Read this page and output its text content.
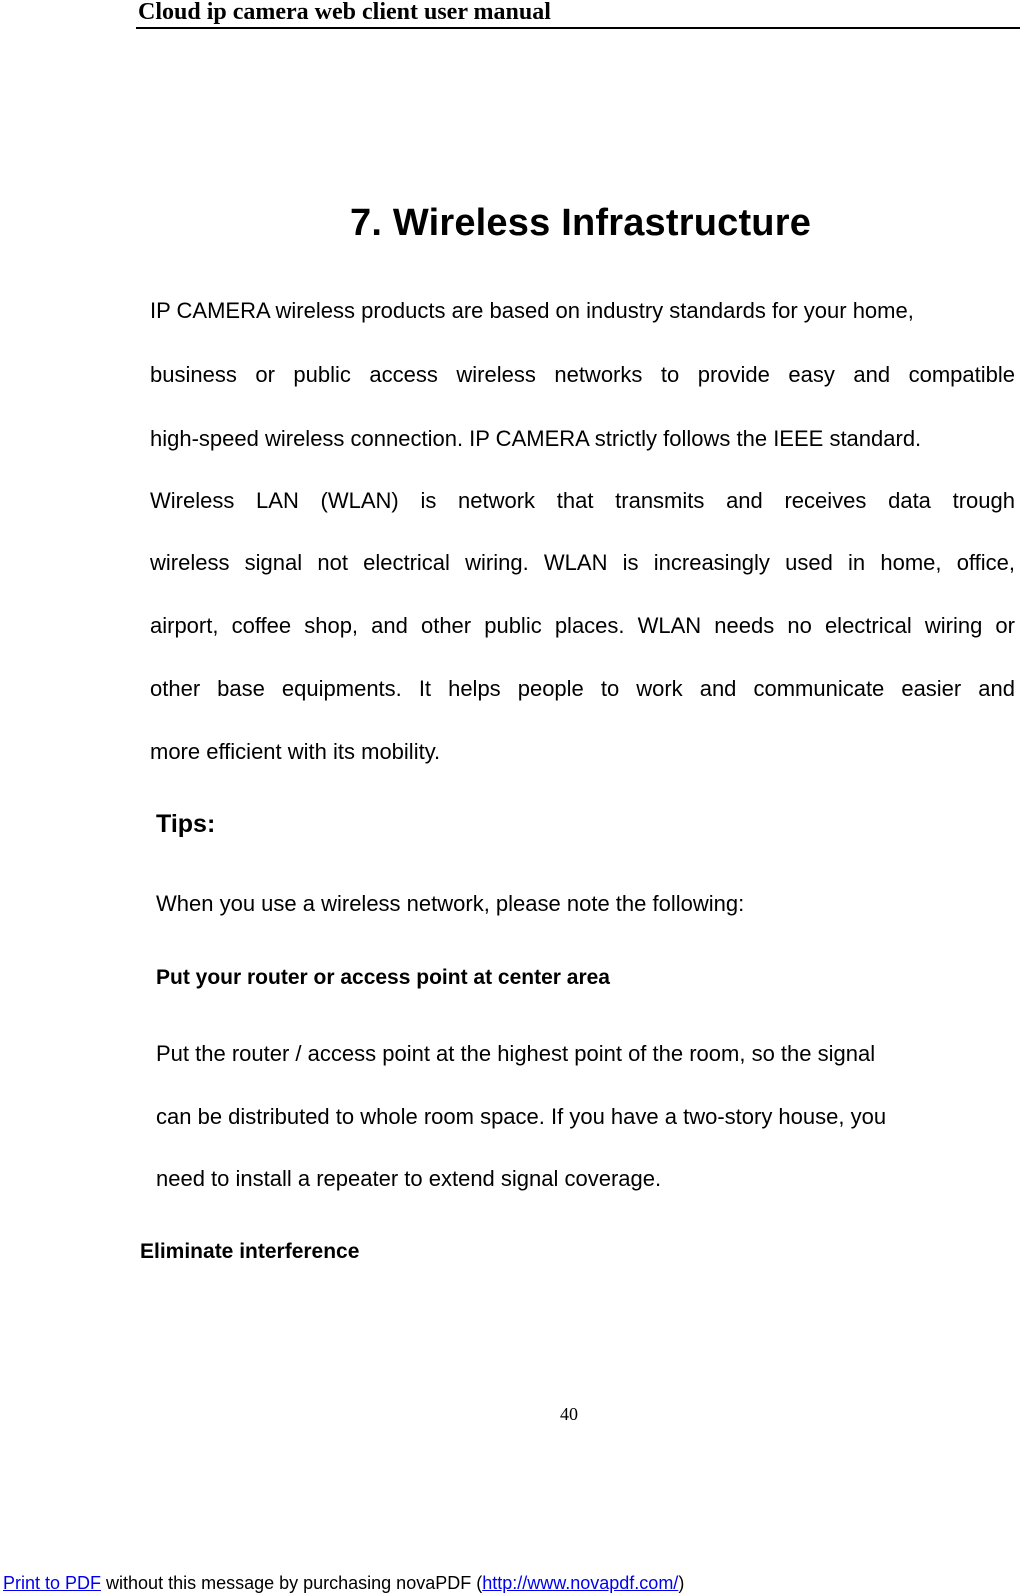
Cloud ip camera web client user manual
7. Wireless Infrastructure
IP CAMERA wireless products are based on industry standards for your home,
business or public access wireless networks to provide easy and compatible
high-speed wireless connection. IP CAMERA strictly follows the IEEE standard.
Wireless LAN (WLAN) is network that transmits and receives data trough
wireless signal not electrical wiring. WLAN is increasingly used in home, office,
airport, coffee shop, and other public places. WLAN needs no electrical wiring or
other base equipments. It helps people to work and communicate easier and
more efficient with its mobility.
Tips:
When you use a wireless network, please note the following:
Put your router or access point at center area
Put the router / access point at the highest point of the room, so the signal
can be distributed to whole room space. If you have a two-story house, you
need to install a repeater to extend signal coverage.
Eliminate interference
40
Print to PDF without this message by purchasing novaPDF (http://www.novapdf.com/)
